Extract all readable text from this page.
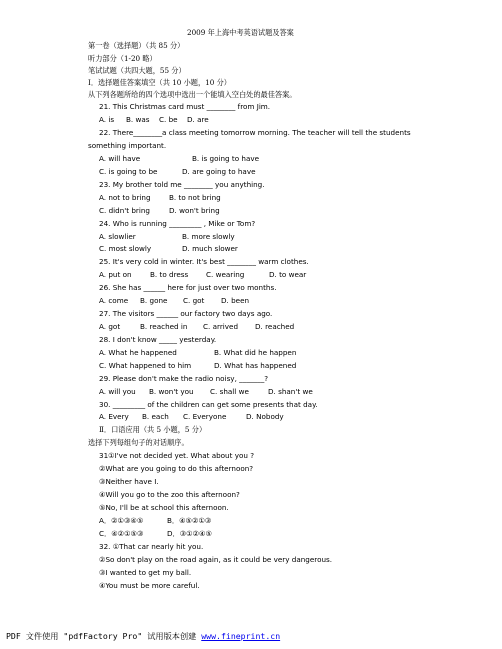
2009 年上海中考英语试题及答案
第一卷（选择题）（共 85 分）
听力部分（1-20 略）
笔试试题（共四大题，55 分）
Ⅰ．选择题佳答案填空（共 10 小题，10 分）
从下列各题所给的四个选项中选出一个能填入空白处的最佳答案。
21. This Christmas card must ________ from Jim.
A. is B. was C. be D. are
22. There________a class meeting tomorrow morning. The teacher will tell the students
something important.
A. will have	B. is going to have
C. is going to be	D. are going to have
23. My brother told me ________ you anything.
A. not to bring	B. to not bring
C. didn't bring	D. won't bring
24. Who is running _________ , Mike or Tom?
A. slowlier	B. more slowly
C. most slowly	D. much slower
25. It's very cold in winter. It's best ________ warm clothes.
A. put on	B. to dress C. wearing	D. to wear
26. She has ______ here for just over two months.
A. come B. gone C. got D. been
27. The visitors ______ our factory two days ago.
A. got	B. reached in C. arrived D. reached
28. I don't know _____ yesterday.
A. What he happened	B. What did he happen
C. What happened to him	D. What has happened
29. Please don't make the radio noisy, _______?
A. will you B. won't you C. shall we	D. shan't we
30. _________ of the children can get some presents that day.
A. Every B. each C. Everyone	D. Nobody
Ⅱ．口语应用（共 5 小题，5 分）
选择下列每组句子的对话顺序。
31①I've not decided yet. What about you ?
②What are you going to do this afternoon?
③Neither have I.
④Will you go to the zoo this afternoon?
⑤No, I'll be at school this afternoon.
A．②①③④⑤	B．④⑤②①③
C．④②①⑤③	D．③①②④⑤
32. ①That car nearly hit you.
②So don't play on the road again, as it could be very dangerous.
③I wanted to get my ball.
④You must be more careful.
PDF 文件使用 "pdfFactory Pro" 试用版本创建 www.fineprint.cn
